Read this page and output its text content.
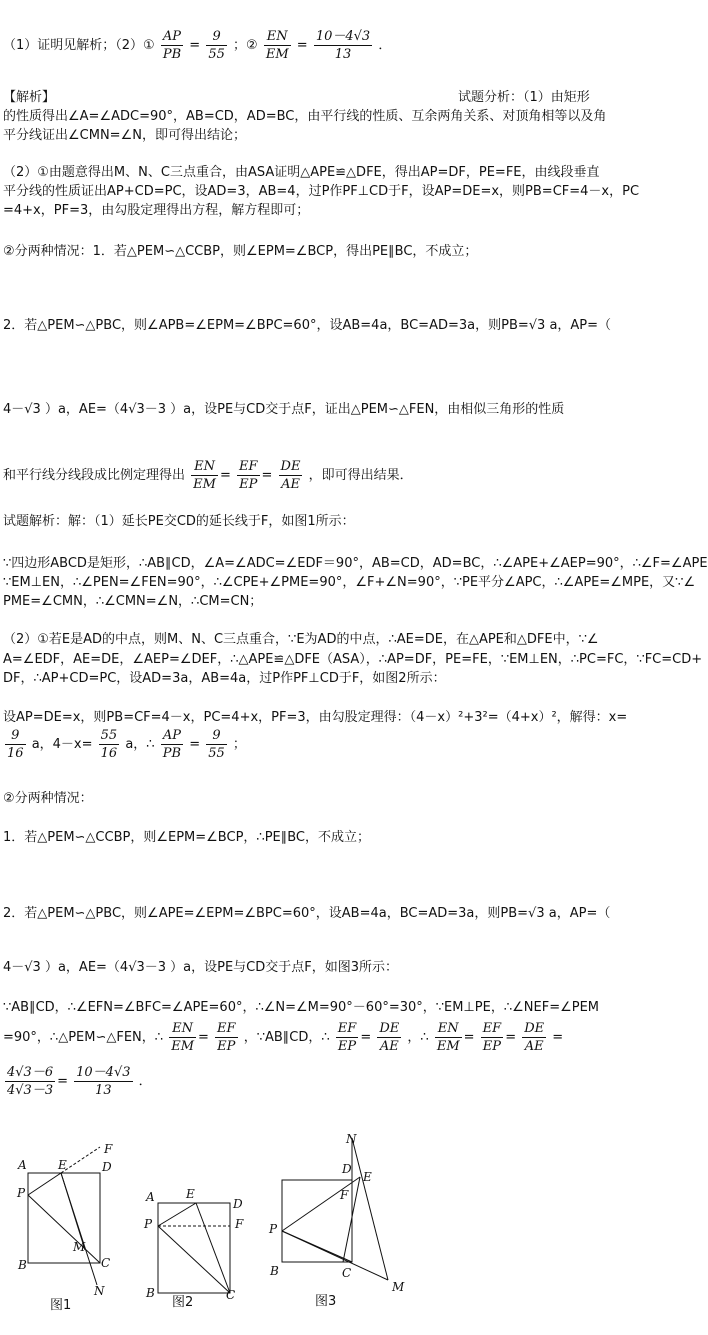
（1）证明见解析；（2）① $\frac{AP}{PB} = \frac{9}{55}$ ；② $\frac{EN}{EM} = \frac{10-4√3}{13}$ ．
【解析】	试题分析：（1）由矩形
的性质得出∠A=∠ADC=90°，AB=CD，AD=BC，由平行线的性质、互余两角关系、对顶角相等以及角
平分线证出∠CMN=∠N，即可得出结论；
（2）①由题意得出M、N、C三点重合，由ASA证明△APE≌△DFE，得出AP=DF，PE=FE，由线段垂直
平分线的性质证出AP+CD=PC，设AD=3，AB=4，过P作PF⊥CD于F，设AP=DE=x，则PB=CF=4－x，PC
=4+x，PF=3，由勾股定理得出方程，解方程即可；
②分两种情况：1．若△PEM∽△CCBP，则∠EPM=∠BCP，得出PE∥BC，不成立；
2．若△PEM∽△PBC，则∠APB=∠EPM=∠BPC=60°，设AB=4a，BC=AD=3a，则PB=√3 a，AP=（
4－√3 ）a，AE=（4√3－3 ）a，设PE与CD交于点F，证出△PEM∽△FEN，由相似三角形的性质
和平行线分线段成比例定理得出 $\frac{EN}{EM} = \frac{EF}{EP} = \frac{DE}{AE}$ ，即可得出结果．
试题解析：解：（1）延长PE交CD的延长线于F，如图1所示：
∵四边形ABCD是矩形，∴AB∥CD，∠A=∠ADC=∠EDF＝90°，AB=CD，AD=BC，∴∠APE+∠AEP=90°，∴∠F=∠APE
∵EM⊥EN，∴∠PEN=∠FEN=90°，∴∠CPE+∠PME=90°，∠F+∠N=90°，∵PE平分∠APC，∴∠APE=∠MPE，又∵∠
PME=∠CMN，∴∠CMN=∠N，∴CM=CN；
（2）①若E是AD的中点，则M、N、C三点重合，∵E为AD的中点，∴AE=DE，在△APE和△DFE中，∵∠
A=∠EDF，AE=DE，∠AEP=∠DEF，∴△APE≌△DFE（ASA），∴AP=DF，PE=FE，∵EM⊥EN，∴PC=FC，∵FC=CD+
DF，∴AP+CD=PC，设AD=3a，AB=4a，过P作PF⊥CD于F，如图2所示：
设AP=DE=x，则PB=CF=4－x，PC=4+x，PF=3，由勾股定理得：（4－x）²+3²=（4+x）²，解得：x=
$\frac{9}{16}$ a，$4-x= \frac{55}{16}$ a，∴ $\frac{AP}{PB} = \frac{9}{55}$ ；
②分两种情况：
1．若△PEM∽△CCBP，则∠EPM=∠BCP，∴PE∥BC，不成立；
2．若△PEM∽△PBC，则∠APE=∠EPM=∠BPC=60°，设AB=4a，BC=AD=3a，则PB=√3 a，AP=（
4－√3 ）a，AE=（4√3－3 ）a，设PE与CD交于点F，如图3所示：
∵AB∥CD，∴∠EFN=∠BFC=∠APE=60°，∴∠N=∠M=90°－60°=30°，∵EM⊥PE，∴∠NEF=∠PEM
=90°，∴△PEM∽△FEN，∴ $\frac{EN}{EM} = \frac{EF}{EP}$ ，∵AB∥CD，∴ $\frac{EF}{EP} = \frac{DE}{AE}$ ，∴ $\frac{EN}{EM} = \frac{EF}{EP} = \frac{DE}{AE}$ =
$\frac{4√3-6}{4√3-3} = \frac{10-4√3}{13}$ ．
A	E	D
F
P
M
B	C
N
图1
A	E
D
P	F
B	C
图2
N
D
E
F
P
B	C
M
图3
